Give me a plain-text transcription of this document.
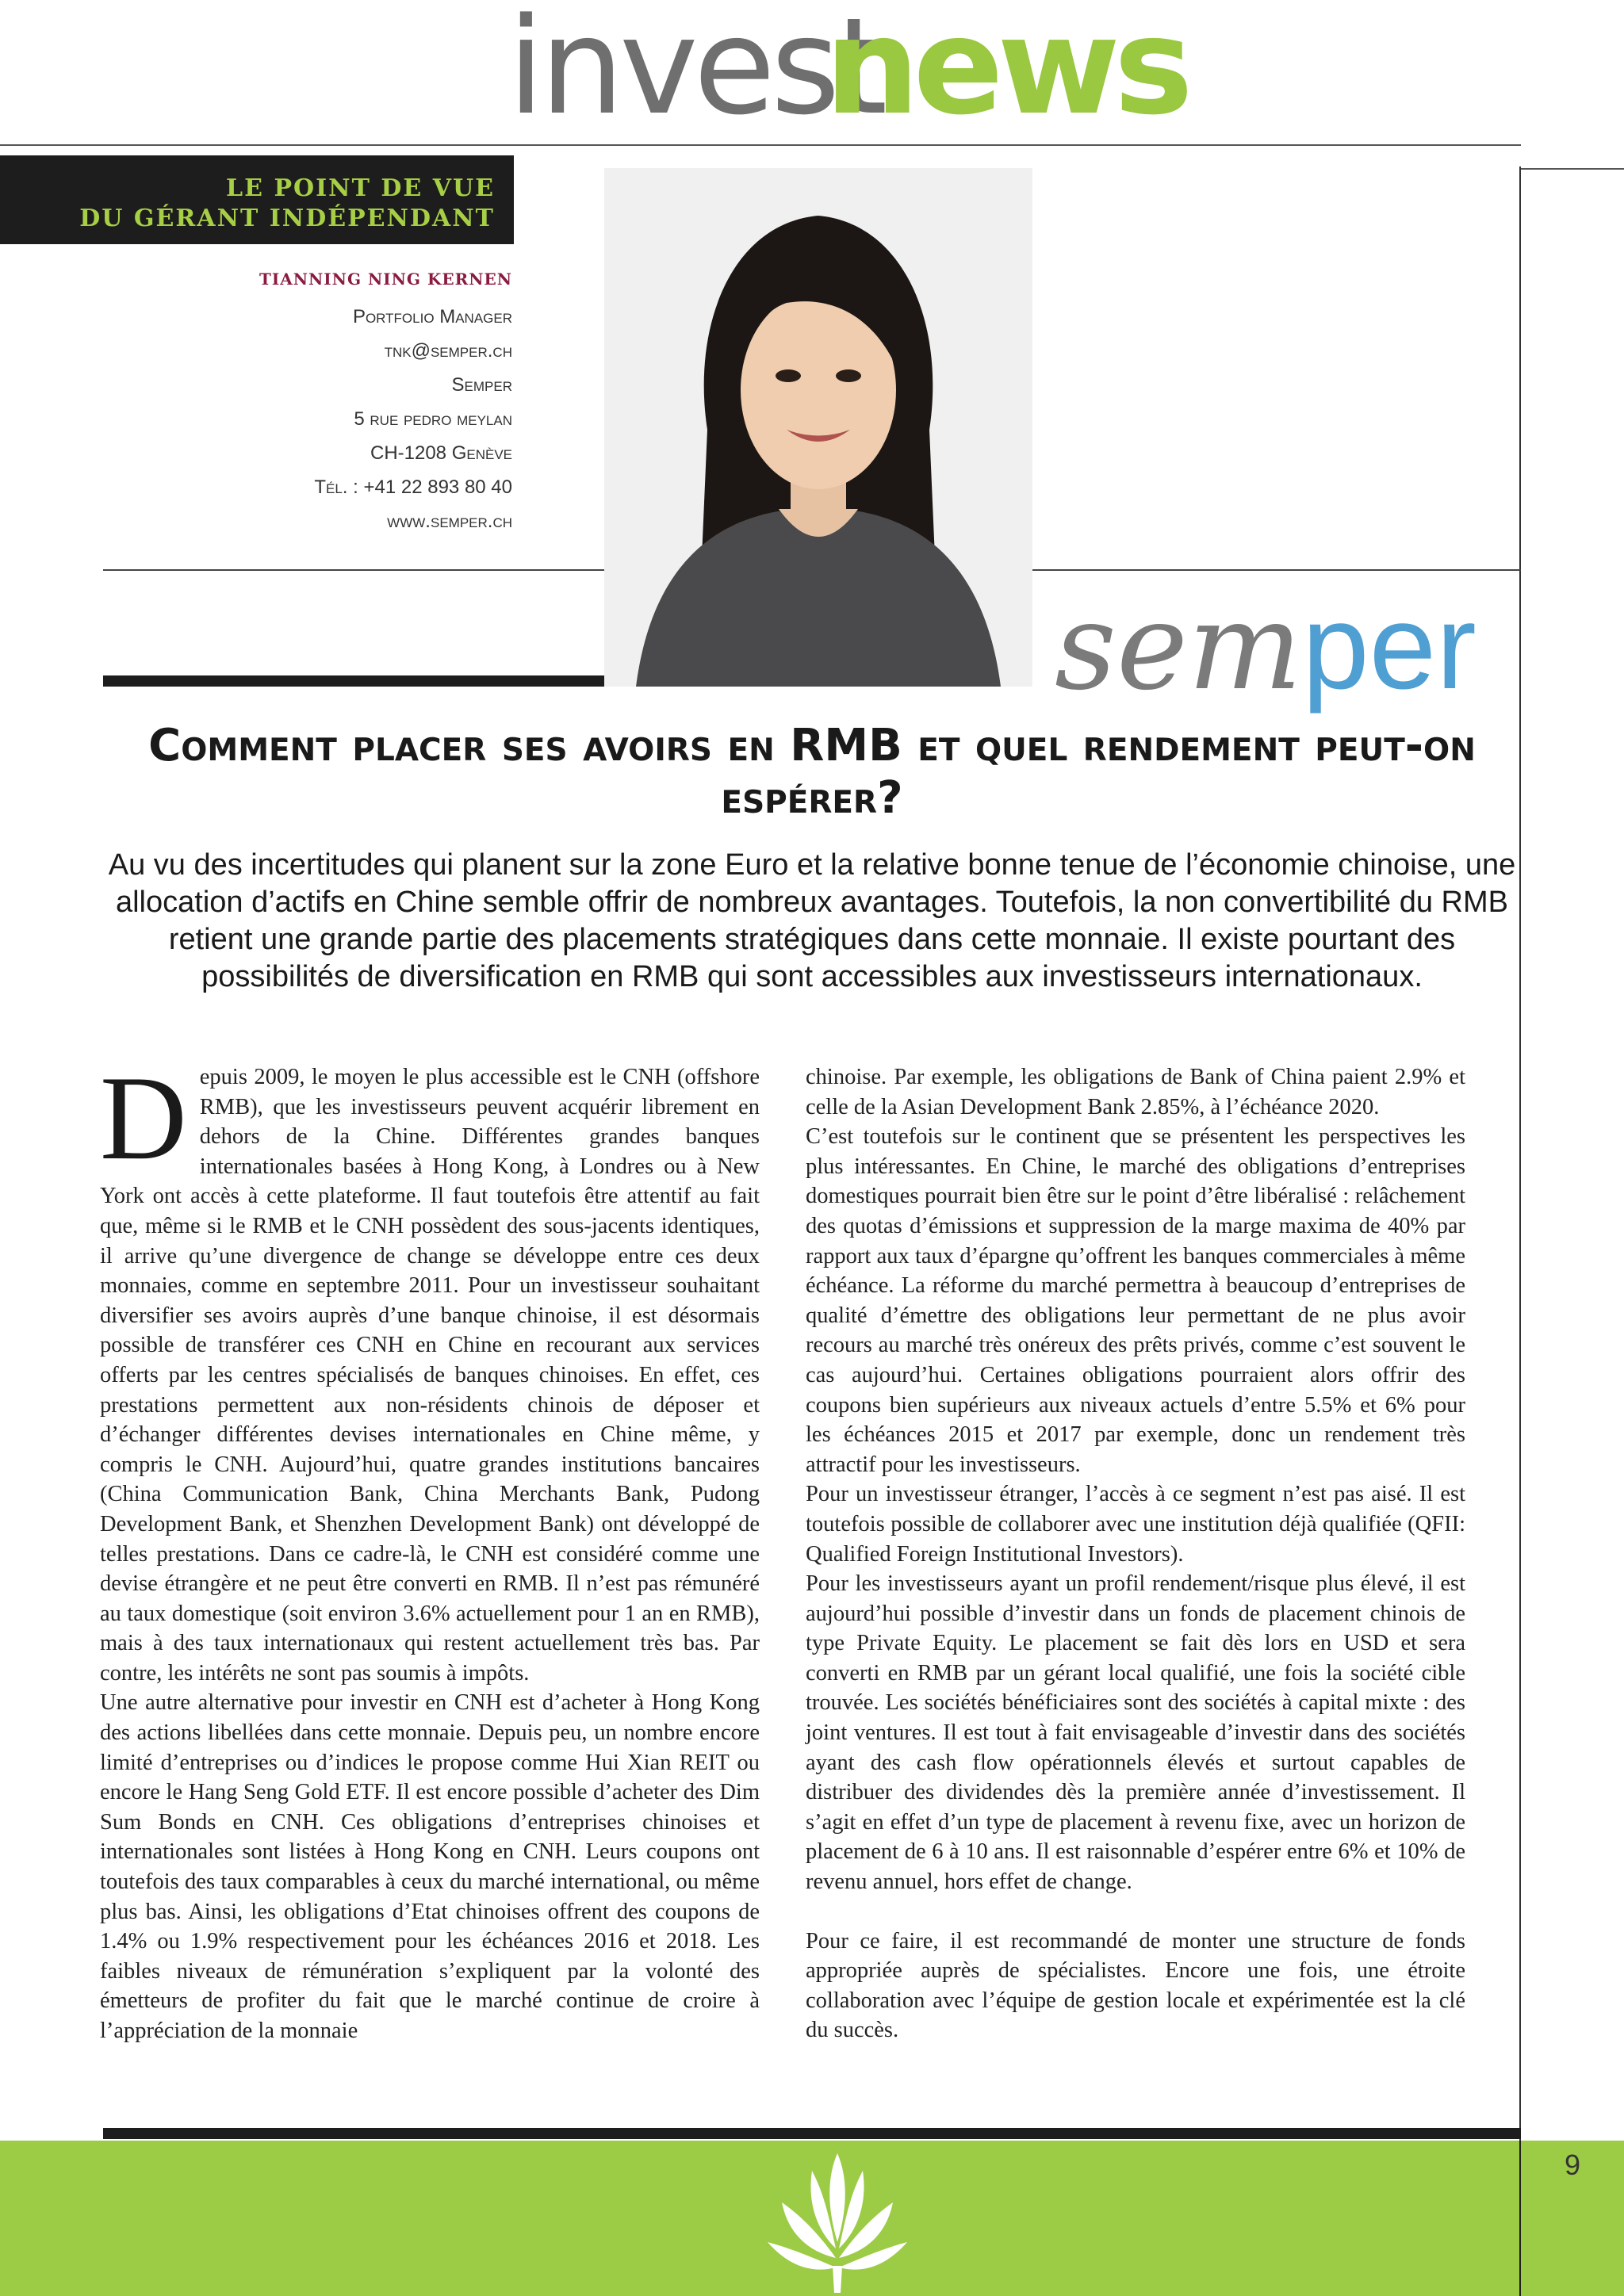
invest
news
LE POINT DE VUE
DU GÉRANT INDÉPENDANT
TIANNING NING KERNEN
Portfolio Manager
tnk@semper.ch
Semper
5 rue pedro meylan
CH-1208 Genève
Tél. : +41 22 893 80 40
www.semper.ch
semper
Comment placer ses avoirs en RMB et quel rendement peut-on espérer?
Au vu des incertitudes qui planent sur la zone Euro et la relative bonne tenue de l’économie chinoise, une allocation d’actifs en Chine semble offrir de nombreux avantages. Toutefois, la non convertibilité du RMB retient une grande partie des placements stratégiques dans cette monnaie. Il existe pourtant des possibilités de diversification en RMB qui sont accessibles aux investisseurs internationaux.

Depuis 2009, le moyen le plus accessible est le CNH (offshore RMB), que les investisseurs peuvent acquérir librement en dehors de la Chine. Différentes grandes banques internationales basées à Hong Kong, à Londres ou à New York ont accès à cette plateforme. Il faut toutefois être attentif au fait que, même si le RMB et le CNH possèdent des sous-jacents identiques, il arrive qu’une divergence de change se développe entre ces deux monnaies, comme en septembre 2011. Pour un investisseur souhaitant diversifier ses avoirs auprès d’une banque chinoise, il est désormais possible de transférer ces CNH en Chine en recourant aux services offerts par les centres spécialisés de banques chinoises. En effet, ces prestations permettent aux non-résidents chinois de déposer et d’échanger différentes devises internationales en Chine même, y compris le CNH. Aujourd’hui, quatre grandes institutions bancaires (China Communication Bank, China Merchants Bank, Pudong Development Bank, et Shenzhen Development Bank) ont développé de telles prestations. Dans ce cadre-là, le CNH est considéré comme une devise étrangère et ne peut être converti en RMB. Il n’est pas rémunéré au taux domestique (soit environ 3.6% actuellement pour 1 an en RMB), mais à des taux internationaux qui restent actuellement très bas. Par contre, les intérêts ne sont pas soumis à impôts.

Une autre alternative pour investir en CNH est d’acheter à Hong Kong des actions libellées dans cette monnaie. Depuis peu, un nombre encore limité d’entreprises ou d’indices le propose comme Hui Xian REIT ou encore le Hang Seng Gold ETF. Il est encore possible d’acheter des Dim Sum Bonds en CNH. Ces obligations d’entreprises chinoises et internationales sont listées à Hong Kong en CNH. Leurs coupons ont toutefois des taux comparables à ceux du marché international, ou même plus bas. Ainsi, les obligations d’Etat chinoises offrent des coupons de 1.4% ou 1.9% respectivement pour les échéances 2016 et 2018. Les faibles niveaux de rémunération s’expliquent par la volonté des émetteurs de profiter du fait que le marché continue de croire à l’appréciation de la monnaie

chinoise. Par exemple, les obligations de Bank of China paient 2.9% et celle de la Asian Development Bank 2.85%, à l’échéance 2020.

C’est toutefois sur le continent que se présentent les perspectives les plus intéressantes. En Chine, le marché des obligations d’entreprises domestiques pourrait bien être sur le point d’être libéralisé : relâchement des quotas d’émissions et suppression de la marge maxima de 40% par rapport aux taux d’épargne qu’offrent les banques commerciales à même échéance. La réforme du marché permettra à beaucoup d’entreprises de qualité d’émettre des obligations leur permettant de ne plus avoir recours au marché très onéreux des prêts privés, comme c’est souvent le cas aujourd’hui. Certaines obligations pourraient alors offrir des coupons bien supérieurs aux niveaux actuels d’entre 5.5% et 6% pour les échéances 2015 et 2017 par exemple, donc un rendement très attractif pour les investisseurs.

Pour un investisseur étranger, l’accès à ce segment n’est pas aisé. Il est toutefois possible de collaborer avec une institution déjà qualifiée (QFII: Qualified Foreign Institutional Investors).

Pour les investisseurs ayant un profil rendement/risque plus élevé, il est aujourd’hui possible d’investir dans un fonds de placement chinois de type Private Equity. Le placement se fait dès lors en USD et sera converti en RMB par un gérant local qualifié, une fois la société cible trouvée. Les sociétés bénéficiaires sont des sociétés à capital mixte : des joint ventures. Il est tout à fait envisageable d’investir dans des sociétés ayant des cash flow opérationnels élevés et surtout capables de distribuer des dividendes dès la première année d’investissement. Il s’agit en effet d’un type de placement à revenu fixe, avec un horizon de placement de 6 à 10 ans. Il est raisonnable d’espérer entre 6% et 10% de revenu annuel, hors effet de change.

Pour ce faire, il est recommandé de monter une structure de fonds appropriée auprès de spécialistes. Encore une fois, une étroite collaboration avec l’équipe de gestion locale et expérimentée est la clé du succès.

9
